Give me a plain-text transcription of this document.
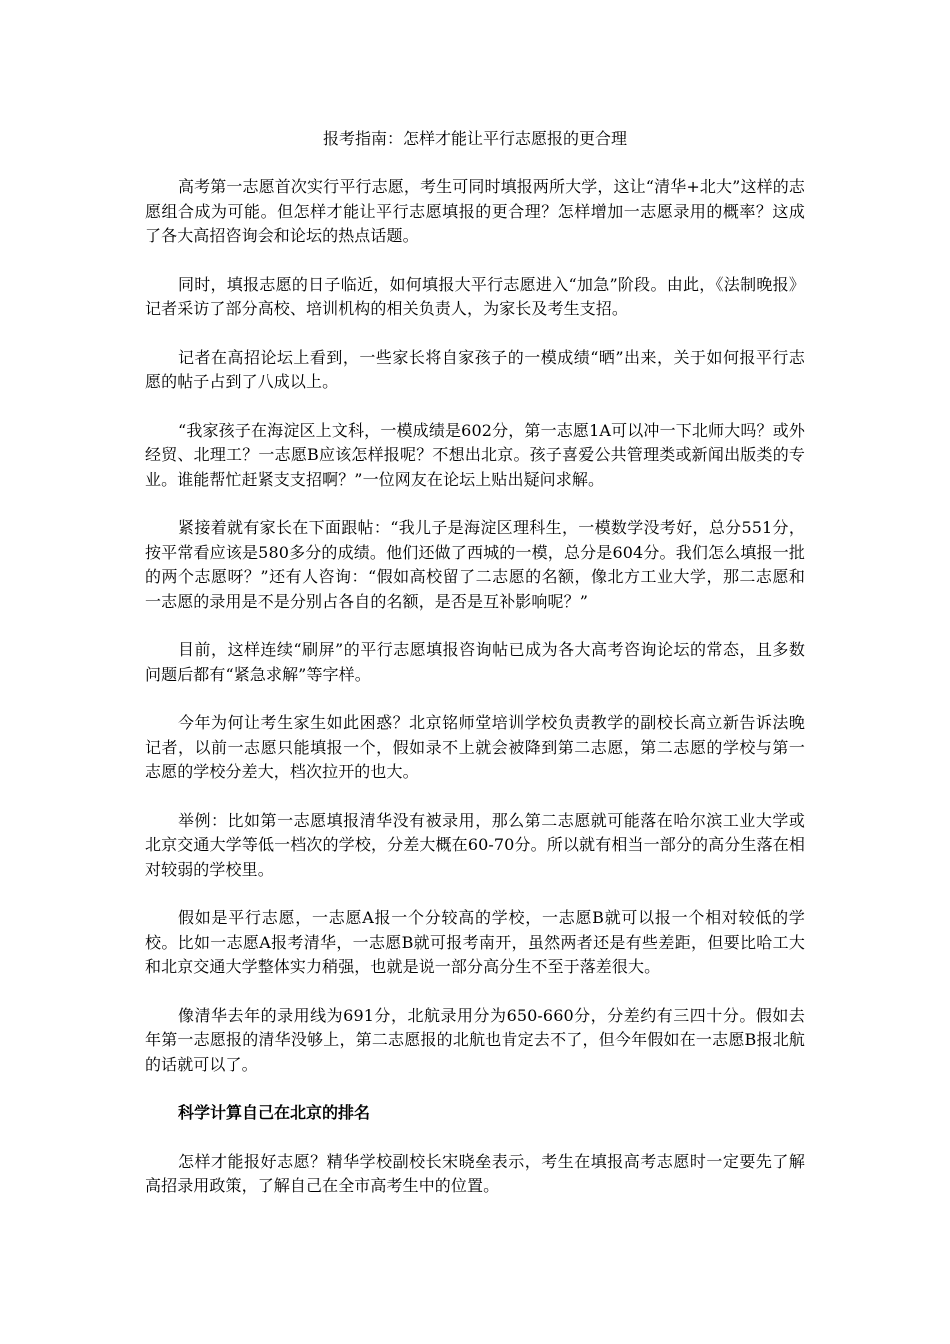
报考指南：怎样才能让平行志愿报的更合理

高考第一志愿首次实行平行志愿，考生可同时填报两所大学，这让“清华+北大”这样的志愿组合成为可能。但怎样才能让平行志愿填报的更合理？怎样增加一志愿录用的概率？这成了各大高招咨询会和论坛的热点话题。

同时，填报志愿的日子临近，如何填报大平行志愿进入“加急”阶段。由此，《法制晚报》记者采访了部分高校、培训机构的相关负责人，为家长及考生支招。

记者在高招论坛上看到，一些家长将自家孩子的一模成绩“晒”出来，关于如何报平行志愿的帖子占到了八成以上。

“我家孩子在海淀区上文科，一模成绩是602分，第一志愿1A可以冲一下北师大吗？或外经贸、北理工？一志愿B应该怎样报呢？不想出北京。孩子喜爱公共管理类或新闻出版类的专业。谁能帮忙赶紧支支招啊？”一位网友在论坛上贴出疑问求解。

紧接着就有家长在下面跟帖：“我儿子是海淀区理科生，一模数学没考好，总分551分，按平常看应该是580多分的成绩。他们还做了西城的一模，总分是604分。我们怎么填报一批的两个志愿呀？”还有人咨询：“假如高校留了二志愿的名额，像北方工业大学，那二志愿和一志愿的录用是不是分别占各自的名额，是否是互补影响呢？”

目前，这样连续“刷屏”的平行志愿填报咨询帖已成为各大高考咨询论坛的常态，且多数问题后都有“紧急求解”等字样。

今年为何让考生家生如此困惑？北京铭师堂培训学校负责教学的副校长高立新告诉法晚记者，以前一志愿只能填报一个，假如录不上就会被降到第二志愿，第二志愿的学校与第一志愿的学校分差大，档次拉开的也大。

举例：比如第一志愿填报清华没有被录用，那么第二志愿就可能落在哈尔滨工业大学或北京交通大学等低一档次的学校，分差大概在60-70分。所以就有相当一部分的高分生落在相对较弱的学校里。

假如是平行志愿，一志愿A报一个分较高的学校，一志愿B就可以报一个相对较低的学校。比如一志愿A报考清华，一志愿B就可报考南开，虽然两者还是有些差距，但要比哈工大和北京交通大学整体实力稍强，也就是说一部分高分生不至于落差很大。

像清华去年的录用线为691分，北航录用分为650-660分，分差约有三四十分。假如去年第一志愿报的清华没够上，第二志愿报的北航也肯定去不了，但今年假如在一志愿B报北航的话就可以了。

科学计算自己在北京的排名

怎样才能报好志愿？精华学校副校长宋晓垒表示，考生在填报高考志愿时一定要先了解高招录用政策，了解自己在全市高考生中的位置。
